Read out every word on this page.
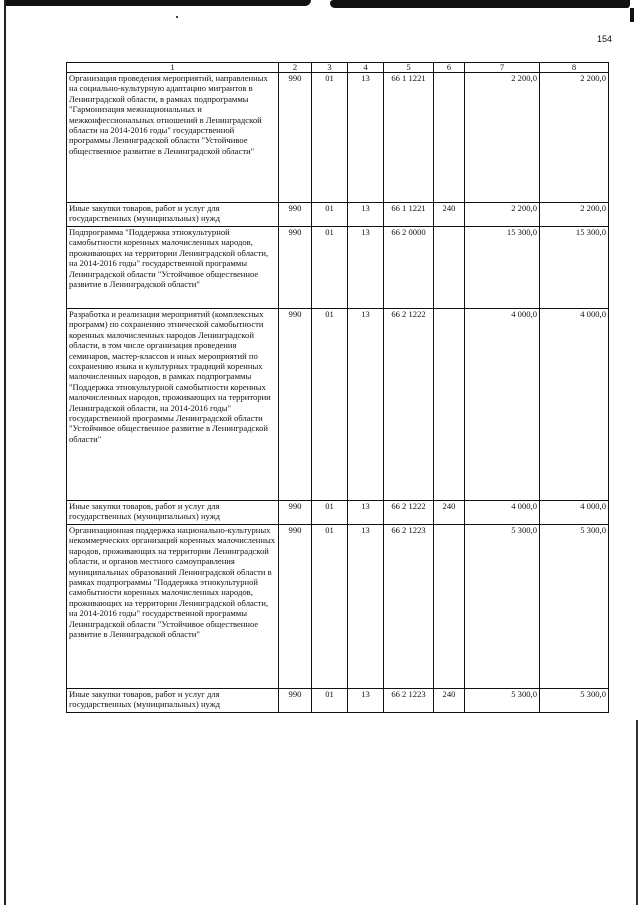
154
1	2	3	4	5	6	7	8
Организация проведения мероприятий, направленных на социально-культурную адаптацию мигрантов в Ленинградской области, в рамках подпрограммы "Гармонизация межнациональных и межконфессиональных отношений в Ленинградской области на 2014-2016 годы" государственной программы Ленинградской области "Устойчивое общественное развитие в Ленинградской области"	990	01	13	66 1 1221		2 200,0	2 200,0
Иные закупки товаров, работ и услуг для государственных (муниципальных) нужд	990	01	13	66 1 1221	240	2 200,0	2 200,0
Подпрограмма "Поддержка этнокультурной самобытности коренных малочисленных народов, проживающих на территории Ленинградской области, на 2014-2016 годы" государственной программы Ленинградской области "Устойчивое общественное развитие в Ленинградской области"	990	01	13	66 2 0000		15 300,0	15 300,0
Разработка и реализация мероприятий (комплексных программ) по сохранению этнической самобытности коренных малочисленных народов Ленинградской области, в том числе организация проведения семинаров, мастер-классов и иных мероприятий по сохранению языка и культурных традиций коренных малочисленных народов, в рамках подпрограммы "Поддержка этнокультурной самобытности коренных малочисленных народов, проживающих на территории Ленинградской области, на 2014-2016 годы" государственной программы Ленинградской области "Устойчивое общественное развитие в Ленинградской области"	990	01	13	66 2 1222		4 000,0	4 000,0
Иные закупки товаров, работ и услуг для государственных (муниципальных) нужд	990	01	13	66 2 1222	240	4 000,0	4 000,0
Организационная поддержка национально-культурных некоммерческих организаций коренных малочисленных народов, проживающих на территории Ленинградской области, и органов местного самоуправления муниципальных образований Ленинградской области в рамках подпрограммы "Поддержка этнокультурной самобытности коренных малочисленных народов, проживающих на территории Ленинградской области, на 2014-2016 годы" государственной программы Ленинградской области "Устойчивое общественное развитие в Ленинградской области"	990	01	13	66 2 1223		5 300,0	5 300,0
Иные закупки товаров, работ и услуг для государственных (муниципальных) нужд	990	01	13	66 2 1223	240	5 300,0	5 300,0
